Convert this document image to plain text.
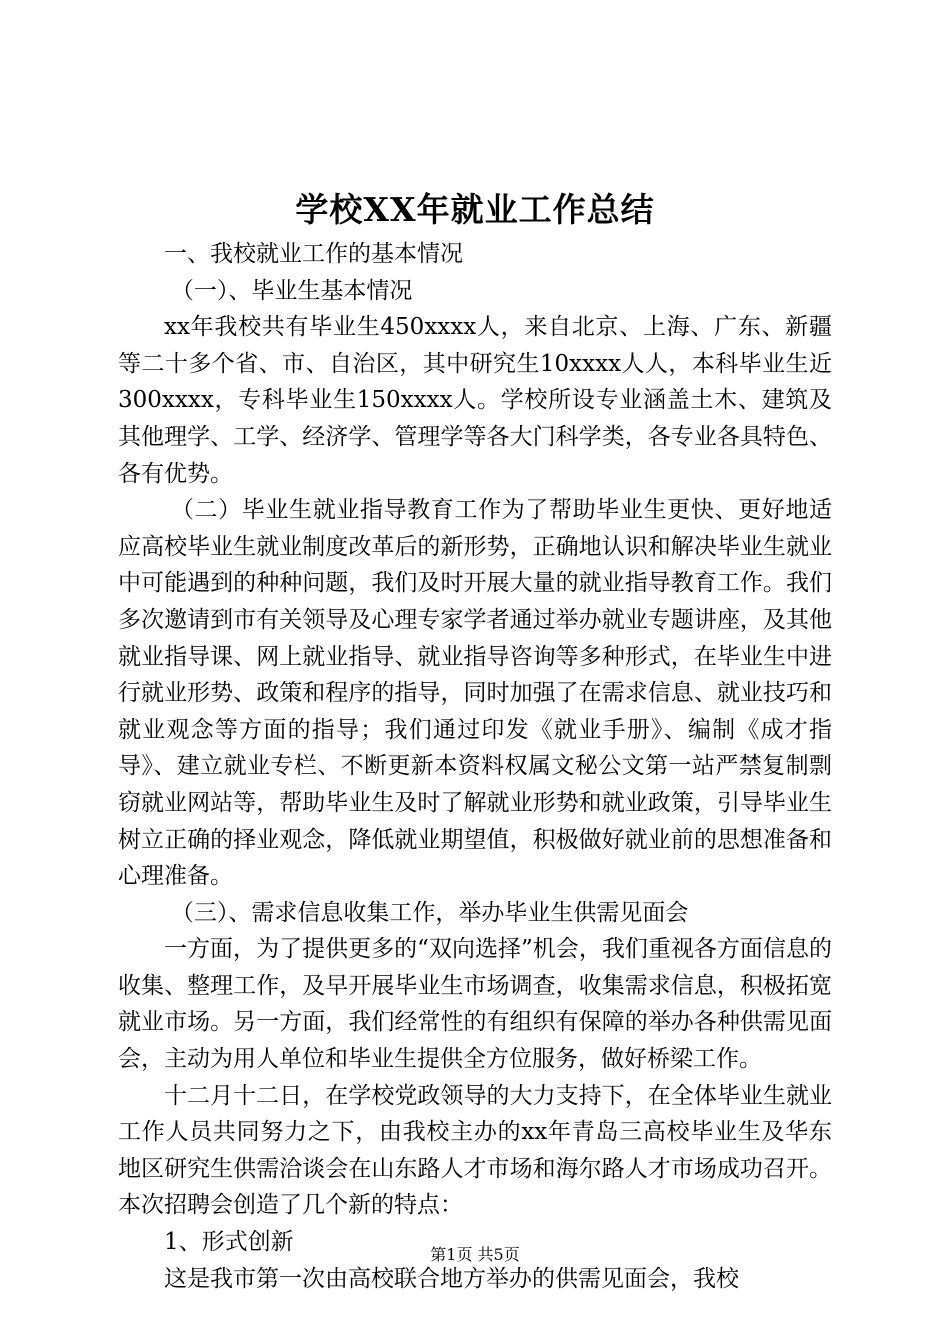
学校XX年就业工作总结

一、我校就业工作的基本情况

（一）、毕业生基本情况

xx年我校共有毕业生450xxxx人，来自北京、上海、广东、新疆等二十多个省、市、自治区，其中研究生10xxxx人人，本科毕业生近300xxxx，专科毕业生150xxxx人。学校所设专业涵盖土木、建筑及其他理学、工学、经济学、管理学等各大门科学类，各专业各具特色、各有优势。

（二）毕业生就业指导教育工作为了帮助毕业生更快、更好地适应高校毕业生就业制度改革后的新形势，正确地认识和解决毕业生就业中可能遇到的种种问题，我们及时开展大量的就业指导教育工作。我们多次邀请到市有关领导及心理专家学者通过举办就业专题讲座，及其他就业指导课、网上就业指导、就业指导咨询等多种形式，在毕业生中进行就业形势、政策和程序的指导，同时加强了在需求信息、就业技巧和就业观念等方面的指导；我们通过印发《就业手册》、编制《成才指导》、建立就业专栏、不断更新本资料权属文秘公文第一站严禁复制剽窃就业网站等，帮助毕业生及时了解就业形势和就业政策，引导毕业生树立正确的择业观念，降低就业期望值，积极做好就业前的思想准备和心理准备。

（三）、需求信息收集工作，举办毕业生供需见面会

一方面，为了提供更多的“双向选择”机会，我们重视各方面信息的收集、整理工作，及早开展毕业生市场调查，收集需求信息，积极拓宽就业市场。另一方面，我们经常性的有组织有保障的举办各种供需见面会，主动为用人单位和毕业生提供全方位服务，做好桥梁工作。

十二月十二日，在学校党政领导的大力支持下，在全体毕业生就业工作人员共同努力之下，由我校主办的xx年青岛三高校毕业生及华东地区研究生供需洽谈会在山东路人才市场和海尔路人才市场成功召开。本次招聘会创造了几个新的特点：

1、形式创新

这是我市第一次由高校联合地方举办的供需见面会，我校

第1页 共5页
